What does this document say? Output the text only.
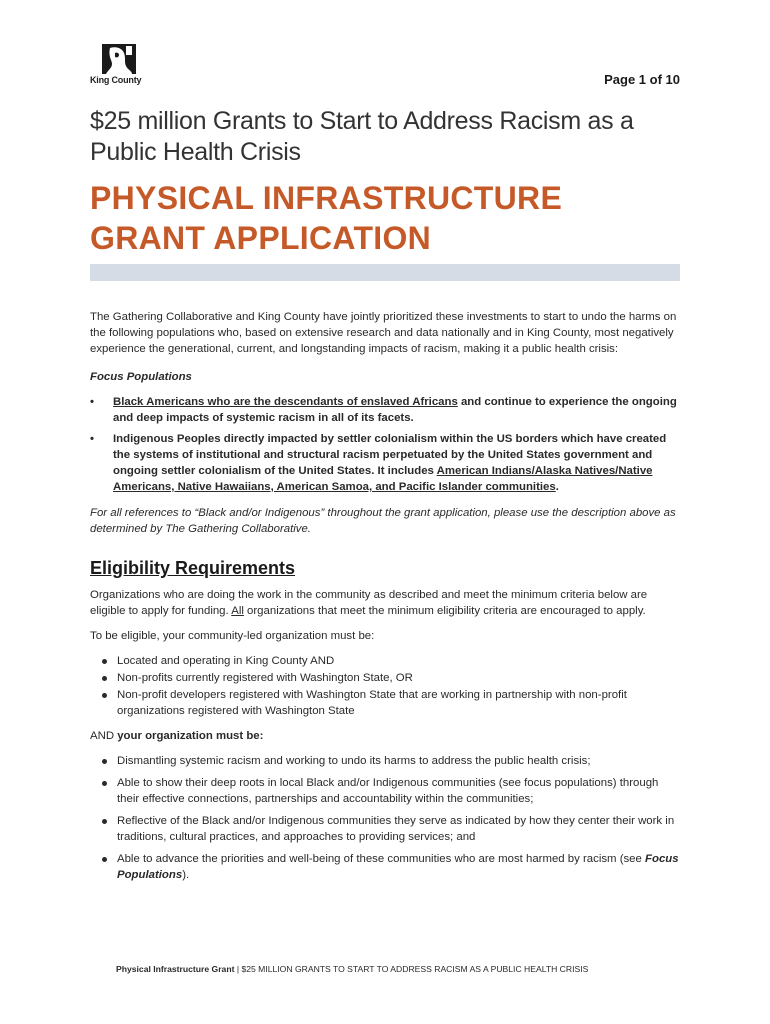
King County	Page 1 of 10
$25 million Grants to Start to Address Racism as a Public Health Crisis
PHYSICAL INFRASTRUCTURE
GRANT APPLICATION

The Gathering Collaborative and King County have jointly prioritized these investments to start to undo the harms on the following populations who, based on extensive research and data nationally and in King County, most negatively experience the generational, current, and longstanding impacts of racism, making it a public health crisis:

Focus Populations

• Black Americans who are the descendants of enslaved Africans and continue to experience the ongoing and deep impacts of systemic racism in all of its facets.
• Indigenous Peoples directly impacted by settler colonialism within the US borders which have created the systems of institutional and structural racism perpetuated by the United States government and ongoing settler colonialism of the United States. It includes American Indians/Alaska Natives/Native Americans, Native Hawaiians, American Samoa, and Pacific Islander communities.

For all references to “Black and/or Indigenous” throughout the grant application, please use the description above as determined by The Gathering Collaborative.

Eligibility Requirements

Organizations who are doing the work in the community as described and meet the minimum criteria below are eligible to apply for funding. All organizations that meet the minimum eligibility criteria are encouraged to apply.

To be eligible, your community-led organization must be:

Located and operating in King County AND
Non-profits currently registered with Washington State, OR
Non-profit developers registered with Washington State that are working in partnership with non-profit organizations registered with Washington State

AND your organization must be:

Dismantling systemic racism and working to undo its harms to address the public health crisis;
Able to show their deep roots in local Black and/or Indigenous communities (see focus populations) through their effective connections, partnerships and accountability within the communities;
Reflective of the Black and/or Indigenous communities they serve as indicated by how they center their work in traditions, cultural practices, and approaches to providing services; and
Able to advance the priorities and well-being of these communities who are most harmed by racism (see Focus Populations).
Physical Infrastructure Grant | $25 MILLION GRANTS TO START TO ADDRESS RACISM AS A PUBLIC HEALTH CRISIS
